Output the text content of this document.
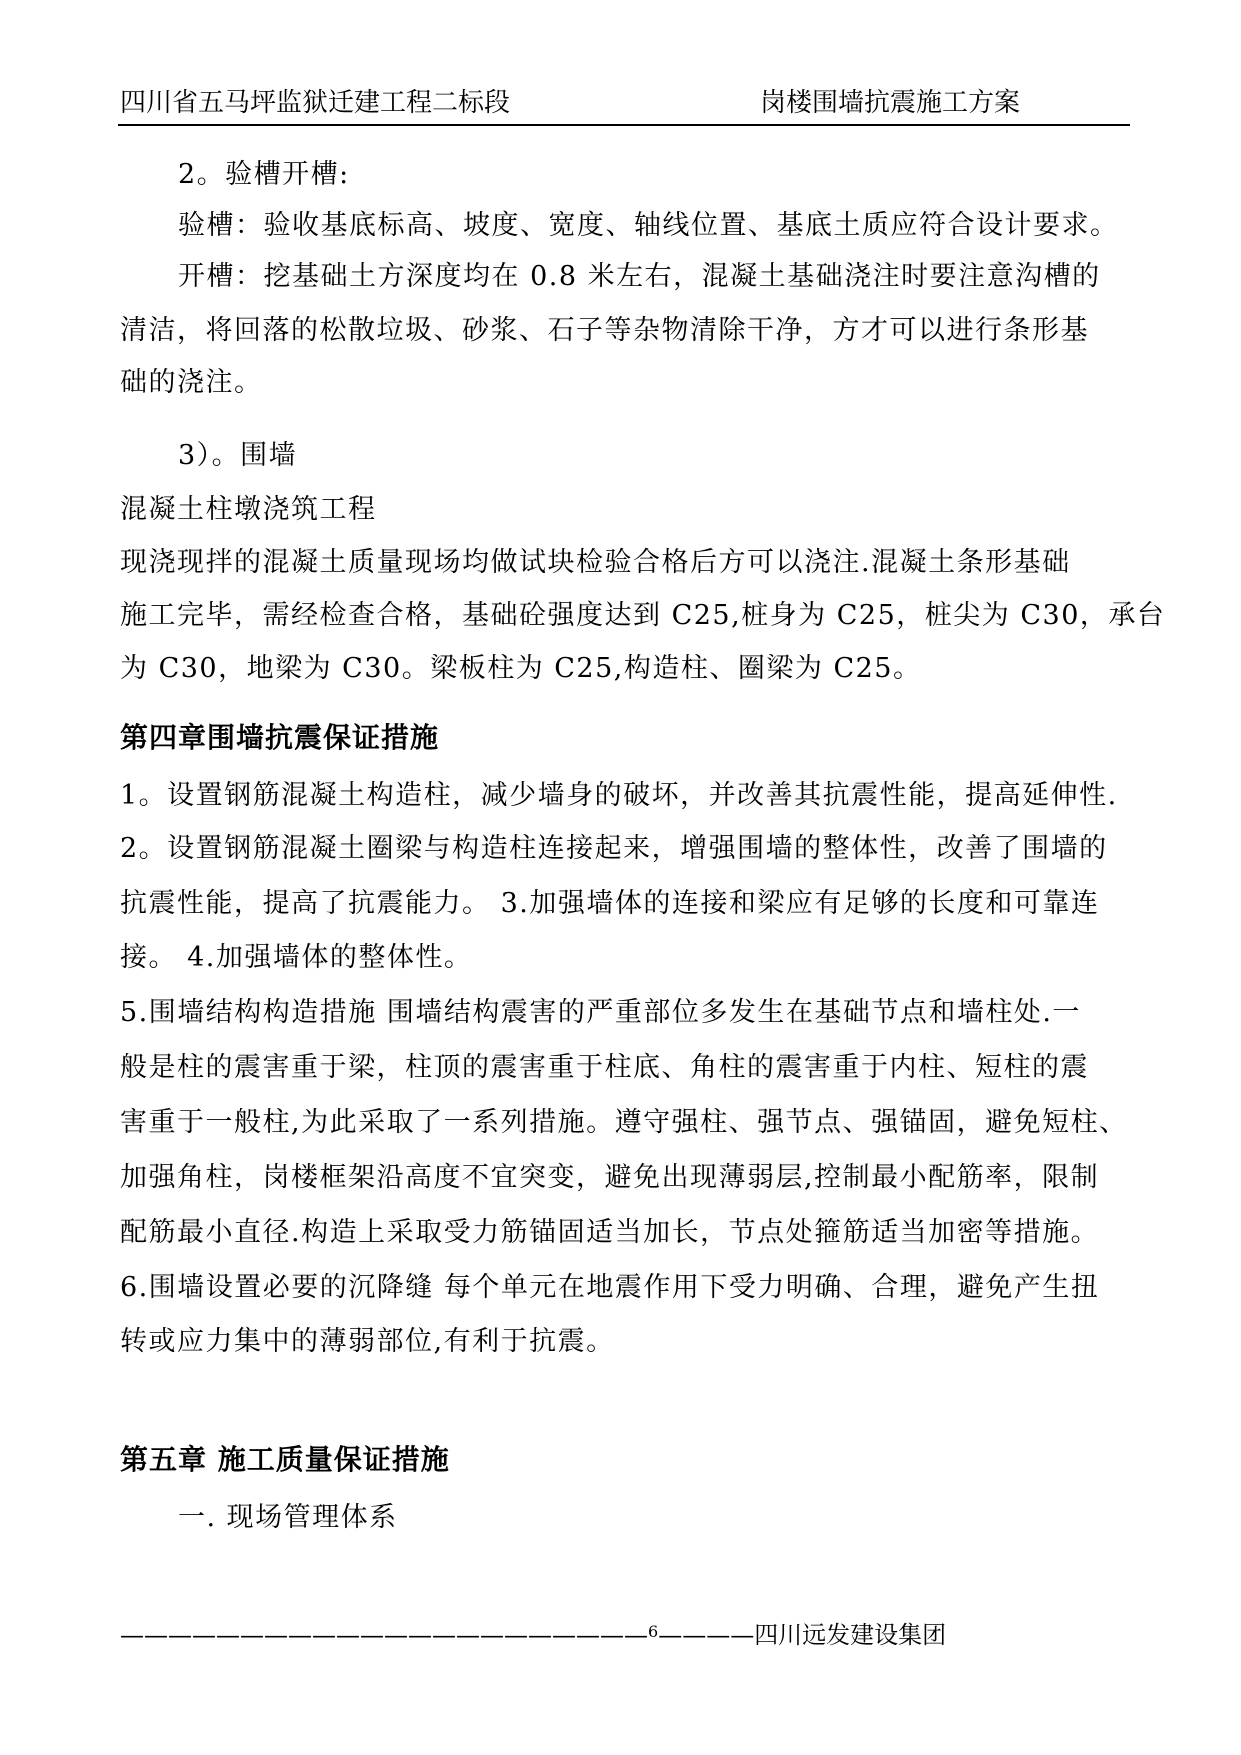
四川省五马坪监狱迁建工程二标段	岗楼围墙抗震施工方案
2。验槽开槽:
验槽：验收基底标高、坡度、宽度、轴线位置、基底土质应符合设计要求。
开槽：挖基础土方深度均在 0.8 米左右，混凝土基础浇注时要注意沟槽的
清洁，将回落的松散垃圾、砂浆、石子等杂物清除干净，方才可以进行条形基
础的浇注。
3）。围墙
混凝土柱墩浇筑工程
现浇现拌的混凝土质量现场均做试块检验合格后方可以浇注.混凝土条形基础
施工完毕，需经检查合格，基础砼强度达到 C25,桩身为 C25，桩尖为 C30，承台
为 C30，地梁为 C30。梁板柱为 C25,构造柱、圈梁为 C25。
第四章围墙抗震保证措施
1。设置钢筋混凝土构造柱，减少墙身的破坏，并改善其抗震性能，提高延伸性.
2。设置钢筋混凝土圈梁与构造柱连接起来，增强围墙的整体性，改善了围墙的
抗震性能，提高了抗震能力。 3.加强墙体的连接和梁应有足够的长度和可靠连
接。 4.加强墙体的整体性。
5.围墙结构构造措施 围墙结构震害的严重部位多发生在基础节点和墙柱处.一
般是柱的震害重于梁，柱顶的震害重于柱底、角柱的震害重于内柱、短柱的震
害重于一般柱,为此采取了一系列措施。遵守强柱、强节点、强锚固，避免短柱、
加强角柱，岗楼框架沿高度不宜突变，避免出现薄弱层,控制最小配筋率，限制
配筋最小直径.构造上采取受力筋锚固适当加长，节点处箍筋适当加密等措施。
6.围墙设置必要的沉降缝 每个单元在地震作用下受力明确、合理，避免产生扭
转或应力集中的薄弱部位,有利于抗震。
第五章 施工质量保证措施
一. 现场管理体系
——————————————————————$^6$————四川远发建设集团
